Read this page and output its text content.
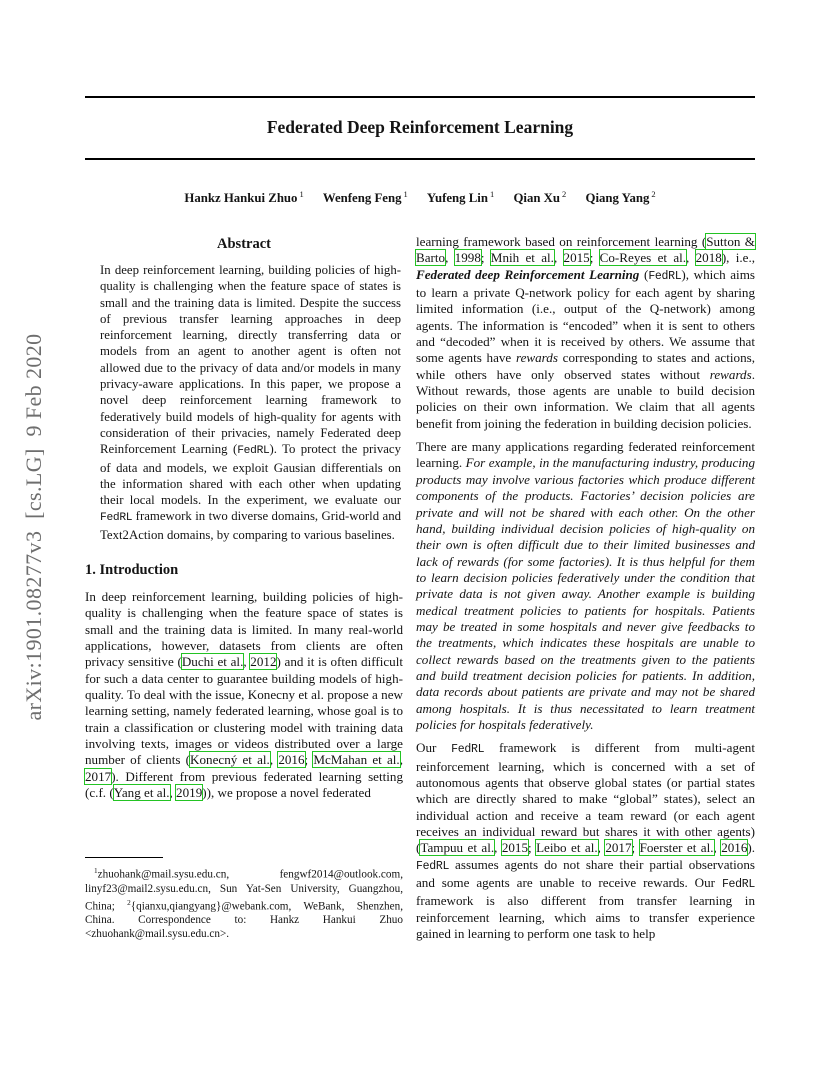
arXiv:1901.08277v3  [cs.LG]  9 Feb 2020
Federated Deep Reinforcement Learning
Hankz Hankui Zhuo $^1$ Wenfeng Feng $^1$ Yufeng Lin $^1$ Qian Xu $^2$ Qiang Yang $^2$
Abstract

In deep reinforcement learning, building policies of high-quality is challenging when the feature space of states is small and the training data is limited. Despite the success of previous transfer learning approaches in deep reinforcement learning, directly transferring data or models from an agent to another agent is often not allowed due to the privacy of data and/or models in many privacy-aware applications. In this paper, we propose a novel deep reinforcement learning framework to federatively build models of high-quality for agents with consideration of their privacies, namely Federated deep Reinforcement Learning (FedRL). To protect the privacy of data and models, we exploit Gausian differentials on the information shared with each other when updating their local models. In the experiment, we evaluate our FedRL framework in two diverse domains, Grid-world and Text2Action domains, by comparing to various baselines.

1. Introduction

In deep reinforcement learning, building policies of high-quality is challenging when the feature space of states is small and the training data is limited. In many real-world applications, however, datasets from clients are often privacy sensitive (Duchi et al., 2012) and it is often difficult for such a data center to guarantee building models of high-quality. To deal with the issue, Konecny et al. propose a new learning setting, namely federated learning, whose goal is to train a classification or clustering model with training data involving texts, images or videos distributed over a large number of clients (Konecný et al., 2016; McMahan et al., 2017). Different from previous federated learning setting (c.f. (Yang et al., 2019)), we propose a novel federated

$^1$zhuohank@mail.sysu.edu.cn, fengwf2014@outlook.com, linyf23@mail2.sysu.edu.cn, Sun Yat-Sen University, Guangzhou, China; $^2${qianxu,qiangyang}@webank.com, WeBank, Shenzhen, China. Correspondence to: Hankz Hankui Zhuo <zhuohank@mail.sysu.edu.cn>.

learning framework based on reinforcement learning (Sutton & Barto, 1998; Mnih et al., 2015; Co-Reyes et al., 2018), i.e., Federated deep Reinforcement Learning (FedRL), which aims to learn a private Q-network policy for each agent by sharing limited information (i.e., output of the Q-network) among agents. The information is “encoded” when it is sent to others and “decoded” when it is received by others. We assume that some agents have rewards corresponding to states and actions, while others have only observed states without rewards. Without rewards, those agents are unable to build decision policies on their own information. We claim that all agents benefit from joining the federation in building decision policies.

There are many applications regarding federated reinforcement learning. For example, in the manufacturing industry, producing products may involve various factories which produce different components of the products. Factories’ decision policies are private and will not be shared with each other. On the other hand, building individual decision policies of high-quality on their own is often difficult due to their limited businesses and lack of rewards (for some factories). It is thus helpful for them to learn decision policies federatively under the condition that private data is not given away. Another example is building medical treatment policies to patients for hospitals. Patients may be treated in some hospitals and never give feedbacks to the treatments, which indicates these hospitals are unable to collect rewards based on the treatments given to the patients and build treatment decision policies for patients. In addition, data records about patients are private and may not be shared among hospitals. It is thus necessitated to learn treatment policies for hospitals federatively.

Our FedRL framework is different from multi-agent reinforcement learning, which is concerned with a set of autonomous agents that observe global states (or partial states which are directly shared to make “global” states), select an individual action and receive a team reward (or each agent receives an individual reward but shares it with other agents) (Tampuu et al., 2015; Leibo et al., 2017; Foerster et al., 2016). FedRL assumes agents do not share their partial observations and some agents are unable to receive rewards. Our FedRL framework is also different from transfer learning in reinforcement learning, which aims to transfer experience gained in learning to perform one task to help
